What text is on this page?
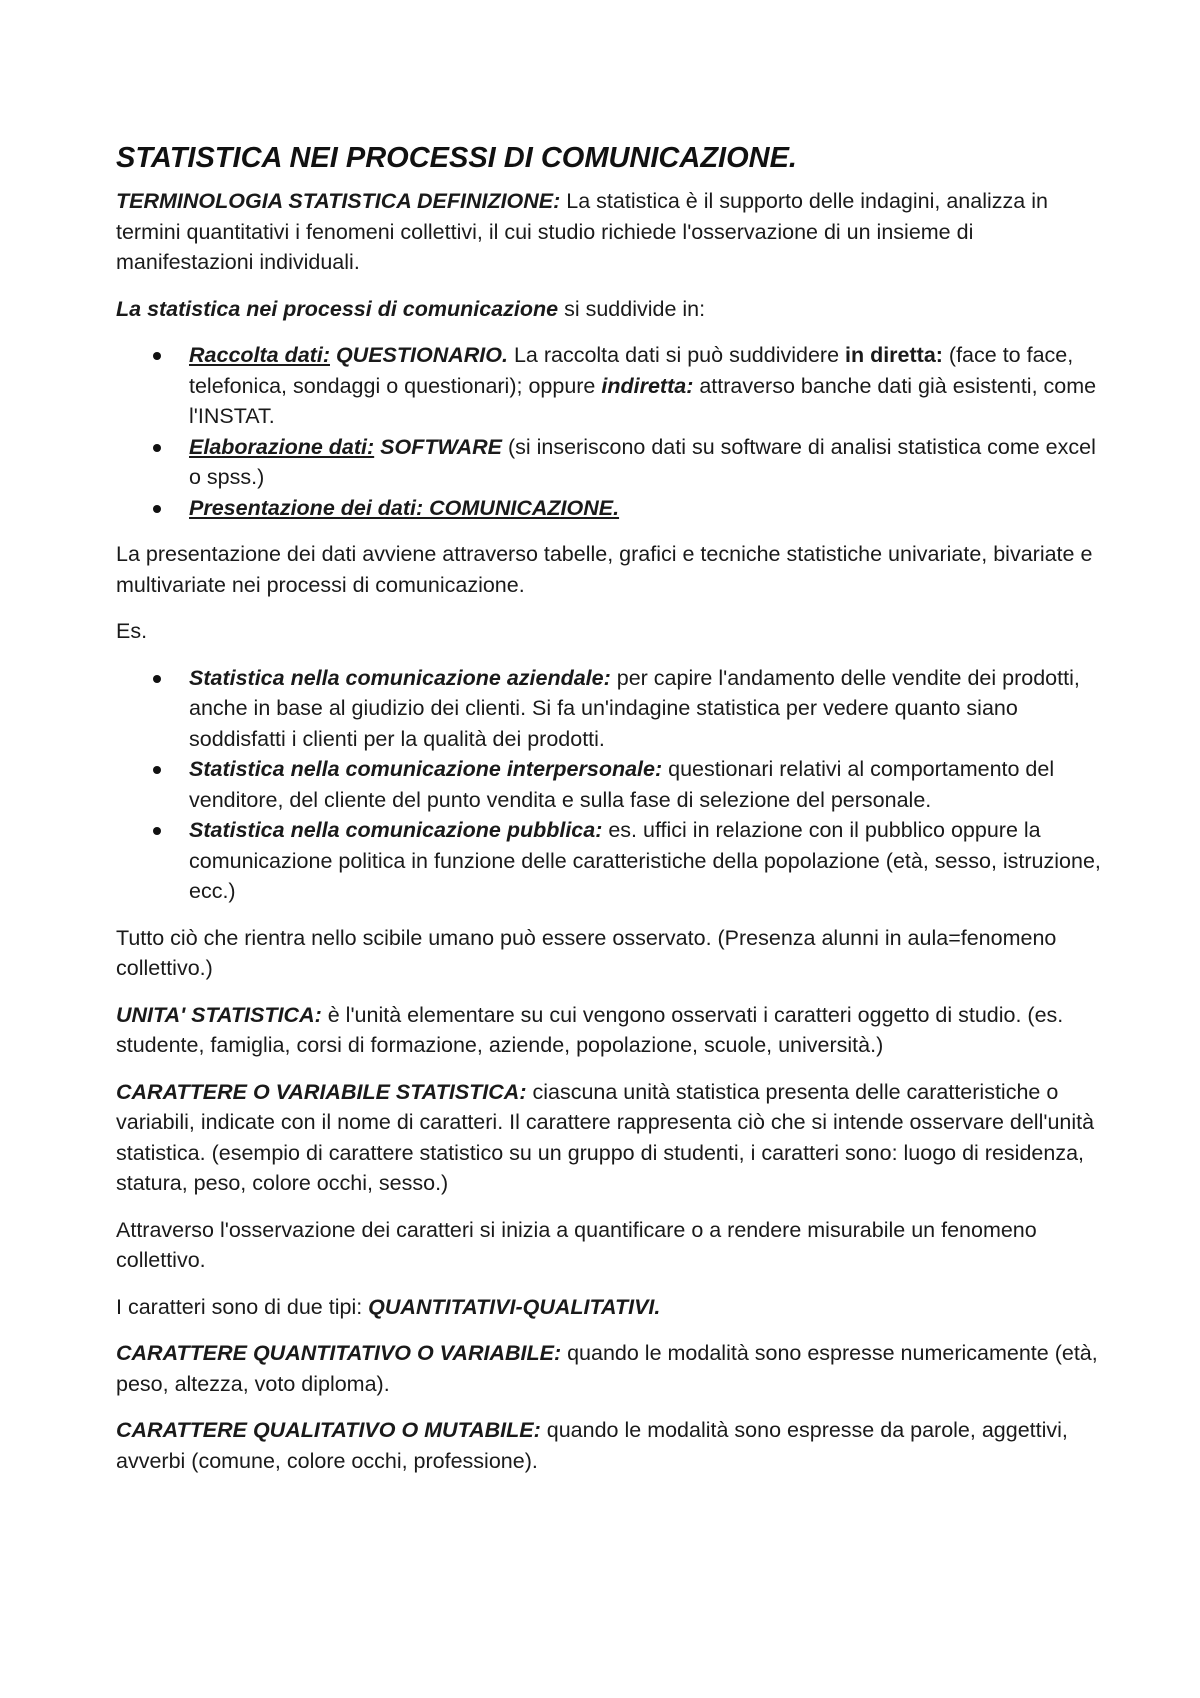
STATISTICA NEI PROCESSI DI COMUNICAZIONE.

TERMINOLOGIA STATISTICA DEFINIZIONE: La statistica è il supporto delle indagini, analizza in termini quantitativi i fenomeni collettivi, il cui studio richiede l'osservazione di un insieme di manifestazioni individuali.

La statistica nei processi di comunicazione si suddivide in:

Raccolta dati: QUESTIONARIO. La raccolta dati si può suddividere in diretta: (face to face, telefonica, sondaggi o questionari); oppure indiretta: attraverso banche dati già esistenti, come l'INSTAT.
Elaborazione dati: SOFTWARE (si inseriscono dati su software di analisi statistica come excel o spss.)
Presentazione dei dati: COMUNICAZIONE.

La presentazione dei dati avviene attraverso tabelle, grafici e tecniche statistiche univariate, bivariate e multivariate nei processi di comunicazione.

Es.

Statistica nella comunicazione aziendale: per capire l'andamento delle vendite dei prodotti, anche in base al giudizio dei clienti. Si fa un'indagine statistica per vedere quanto siano soddisfatti i clienti per la qualità dei prodotti.
Statistica nella comunicazione interpersonale: questionari relativi al comportamento del venditore, del cliente del punto vendita e sulla fase di selezione del personale.
Statistica nella comunicazione pubblica: es. uffici in relazione con il pubblico oppure la comunicazione politica in funzione delle caratteristiche della popolazione (età, sesso, istruzione, ecc.)

Tutto ciò che rientra nello scibile umano può essere osservato. (Presenza alunni in aula=fenomeno collettivo.)

UNITA' STATISTICA: è l'unità elementare su cui vengono osservati i caratteri oggetto di studio. (es. studente, famiglia, corsi di formazione, aziende, popolazione, scuole, università.)

CARATTERE O VARIABILE STATISTICA: ciascuna unità statistica presenta delle caratteristiche o variabili, indicate con il nome di caratteri. Il carattere rappresenta ciò che si intende osservare dell'unità statistica. (esempio di carattere statistico su un gruppo di studenti, i caratteri sono: luogo di residenza, statura, peso, colore occhi, sesso.)

Attraverso l'osservazione dei caratteri si inizia a quantificare o a rendere misurabile un fenomeno collettivo.

I caratteri sono di due tipi: QUANTITATIVI-QUALITATIVI.

CARATTERE QUANTITATIVO O VARIABILE: quando le modalità sono espresse numericamente (età, peso, altezza, voto diploma).

CARATTERE QUALITATIVO O MUTABILE: quando le modalità sono espresse da parole, aggettivi, avverbi (comune, colore occhi, professione).
